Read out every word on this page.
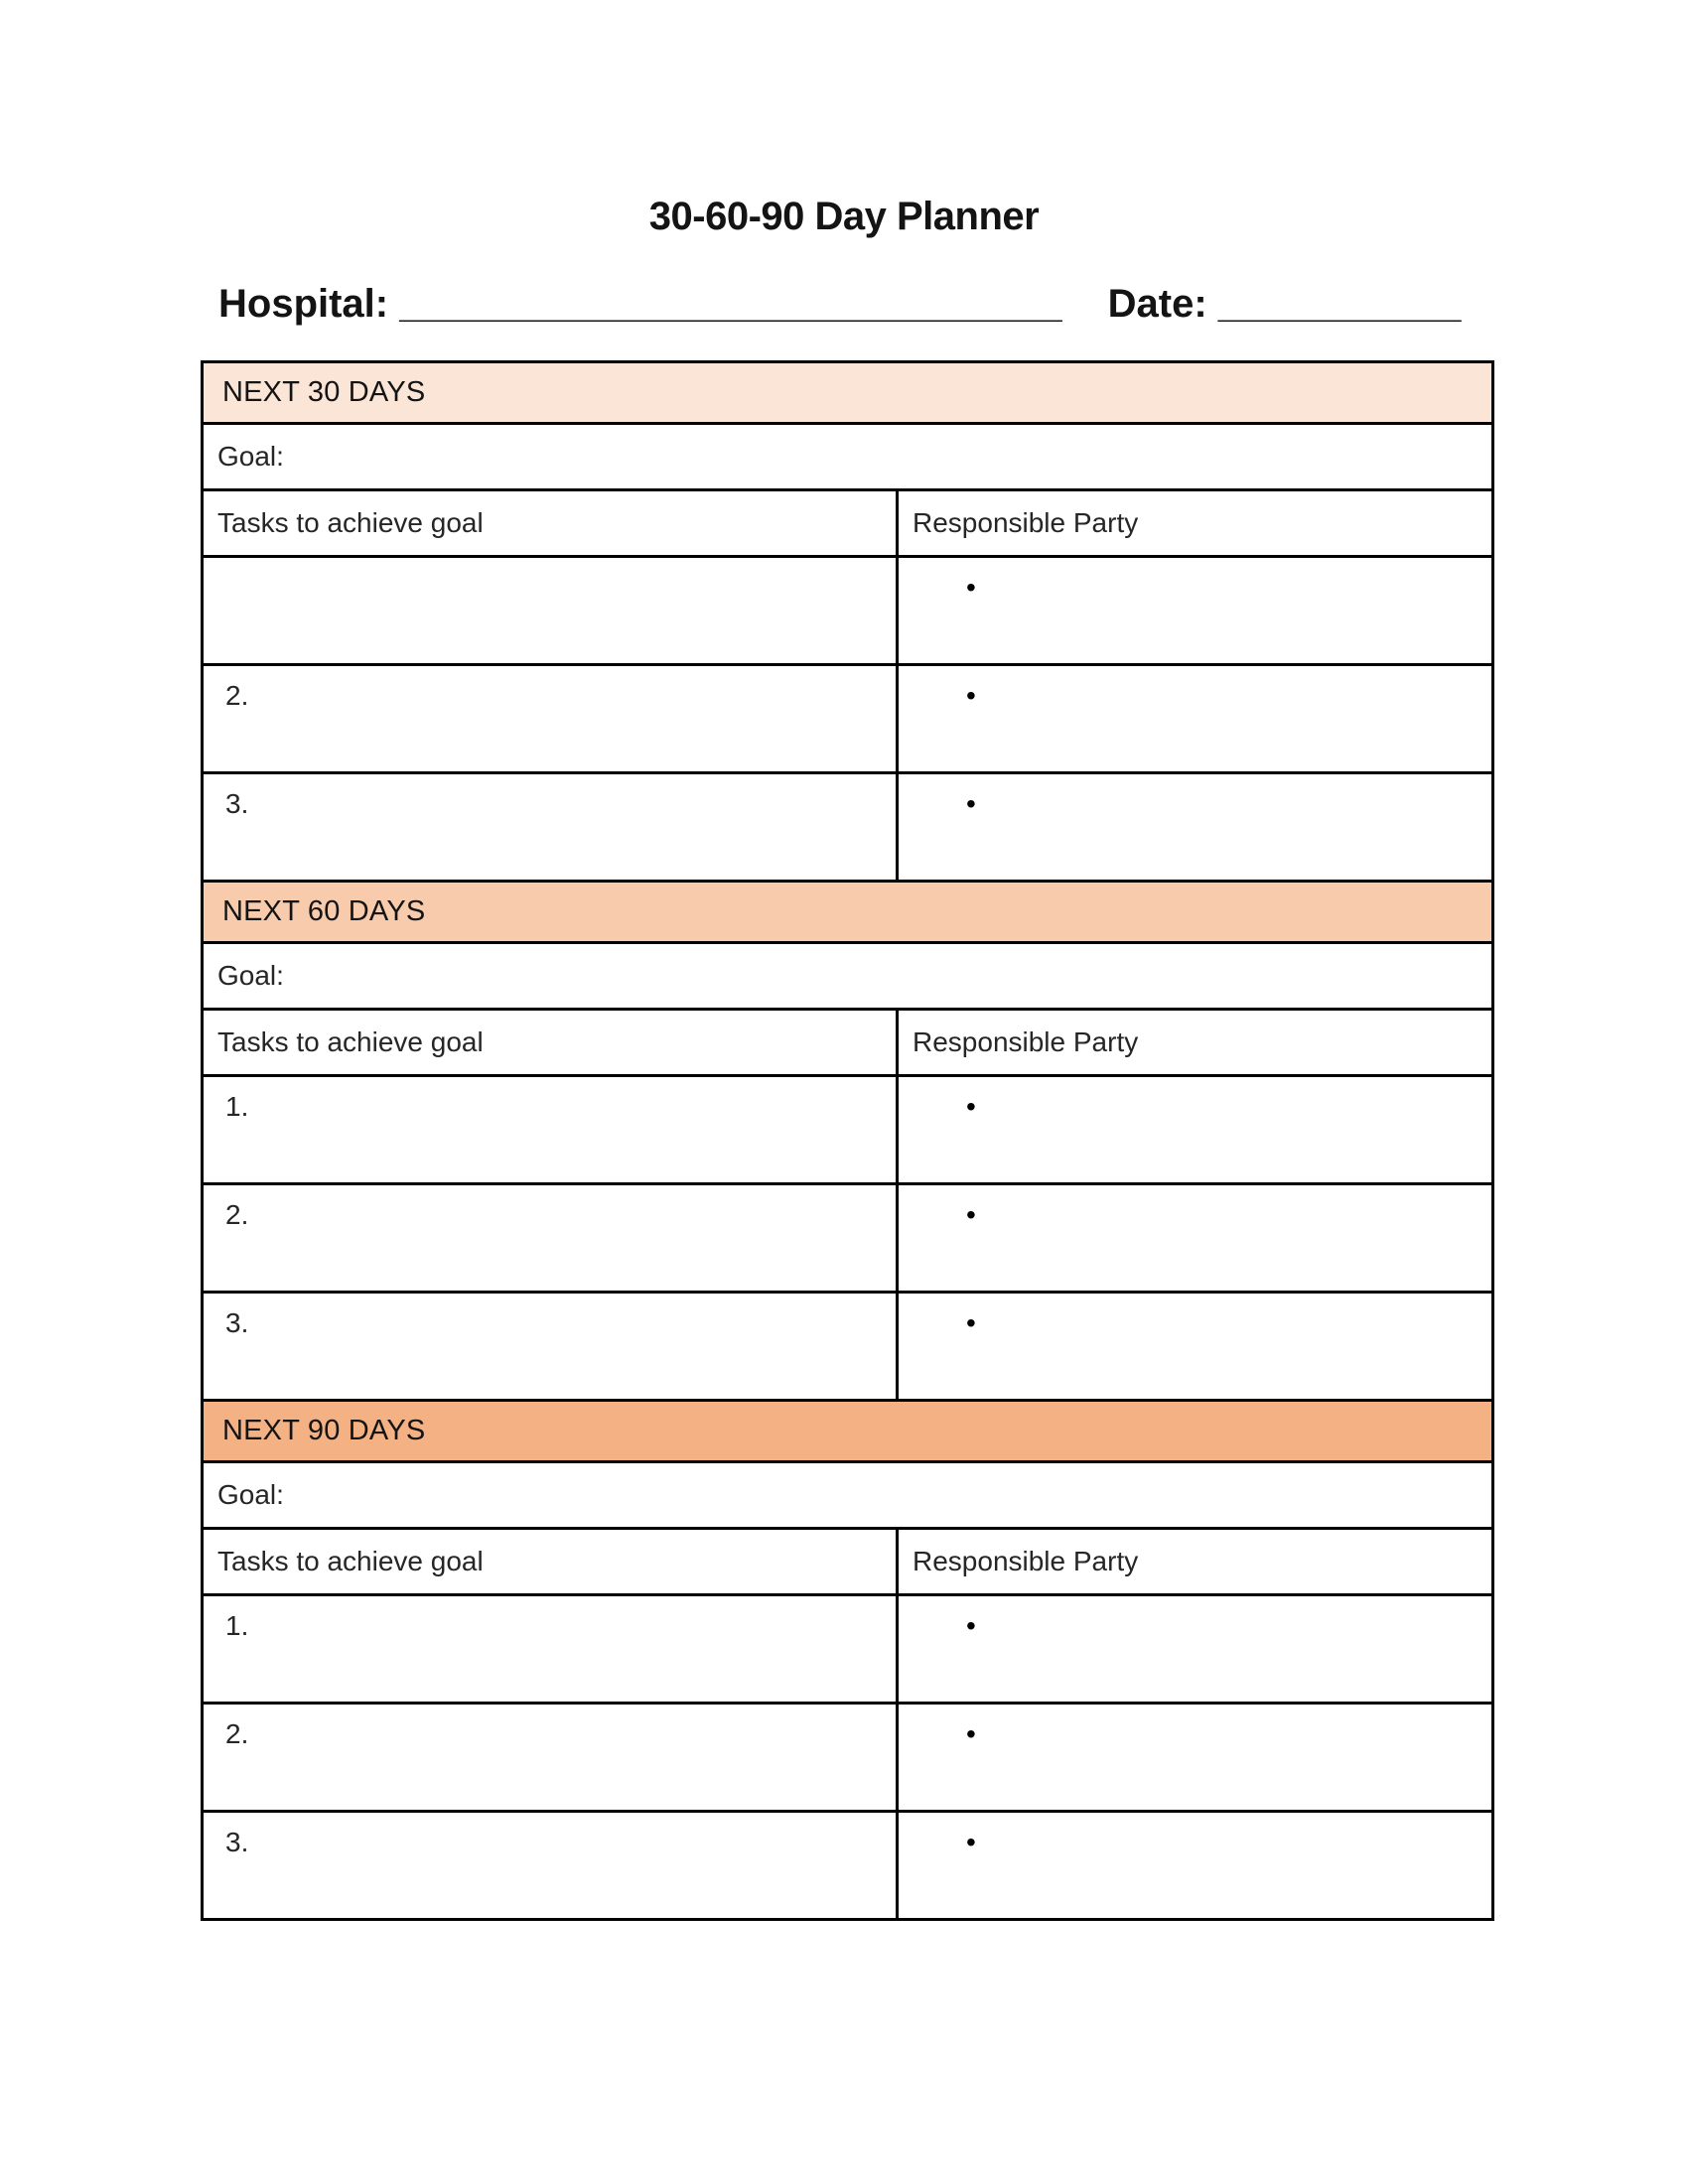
30-60-90 Day Planner
Hospital: ______________________________ Date: ___________
NEXT 30 DAYS	
Goal:	
Tasks to achieve goal	Responsible Party
	•
2.	•
3.	•
NEXT 60 DAYS	
Goal:	
Tasks to achieve goal	Responsible Party
1.	•
2.	•
3.	•
NEXT 90 DAYS	
Goal:	
Tasks to achieve goal	Responsible Party
1.	•
2.	•
3.	•
